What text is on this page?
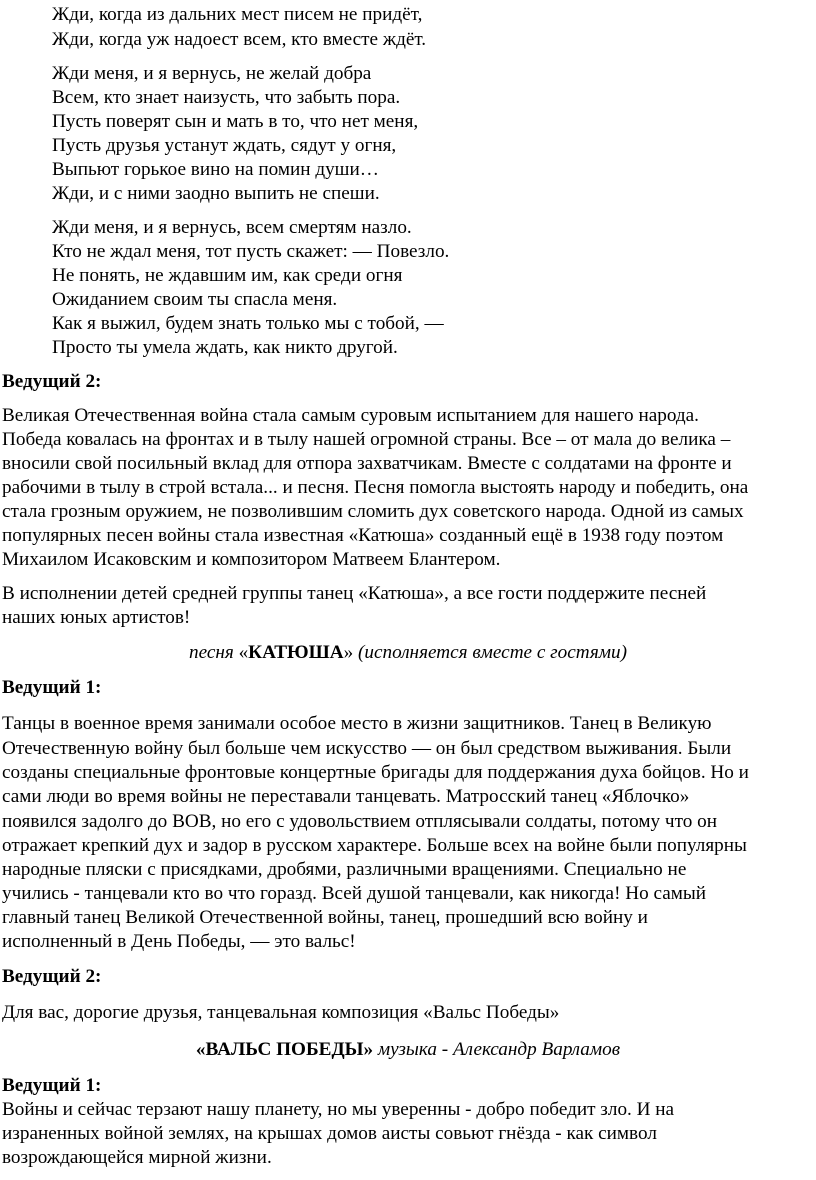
Жди, когда из дальних мест писем не придёт,
Жди, когда уж надоест всем, кто вместе ждёт.
Жди меня, и я вернусь, не желай добра
Всем, кто знает наизусть, что забыть пора.
Пусть поверят сын и мать в то, что нет меня,
Пусть друзья устанут ждать, сядут у огня,
Выпьют горькое вино на помин души…
Жди, и с ними заодно выпить не спеши.
Жди меня, и я вернусь, всем смертям назло.
Кто не ждал меня, тот пусть скажет: — Повезло.
Не понять, не ждавшим им, как среди огня
Ожиданием своим ты спасла меня.
Как я выжил, будем знать только мы с тобой, —
Просто ты умела ждать, как никто другой.
Ведущий 2:
Великая Отечественная война стала самым суровым испытанием для нашего народа.
Победа ковалась на фронтах и в тылу нашей огромной страны. Все – от мала до велика –
вносили свой посильный вклад для отпора захватчикам. Вместе с солдатами на фронте и
рабочими в тылу в строй встала... и песня. Песня помогла выстоять народу и победить, она
стала грозным оружием, не позволившим сломить дух советского народа. Одной из самых
популярных песен войны стала известная «Катюша» созданный ещё в 1938 году поэтом
Михаилом Исаковским и композитором Матвеем Блантером.
В исполнении детей средней группы танец «Катюша», а все гости поддержите песней
наших юных артистов!
песня «КАТЮША» (исполняется вместе с гостями)
Ведущий 1:
Танцы в военное время занимали особое место в жизни защитников. Танец в Великую
Отечественную войну был больше чем искусство — он был средством выживания. Были
созданы специальные фронтовые концертные бригады для поддержания духа бойцов. Но и
сами люди во время войны не переставали танцевать. Матросский танец «Яблочко»
появился задолго до ВОВ, но его с удовольствием отплясывали солдаты, потому что он
отражает крепкий дух и задор в русском характере. Больше всех на войне были популярны
народные пляски с присядками, дробями, различными вращениями. Специально не
учились - танцевали кто во что горазд. Всей душой танцевали, как никогда! Но самый
главный танец Великой Отечественной войны, танец, прошедший всю войну и
исполненный в День Победы, — это вальс!
Ведущий 2:
Для вас, дорогие друзья, танцевальная композиция «Вальс Победы»
«ВАЛЬС ПОБЕДЫ» музыка - Александр Варламов
Ведущий 1:
Войны и сейчас терзают нашу планету, но мы уверенны - добро победит зло. И на
израненных войной землях, на крышах домов аисты совьют гнёзда - как символ
возрождающейся мирной жизни.
